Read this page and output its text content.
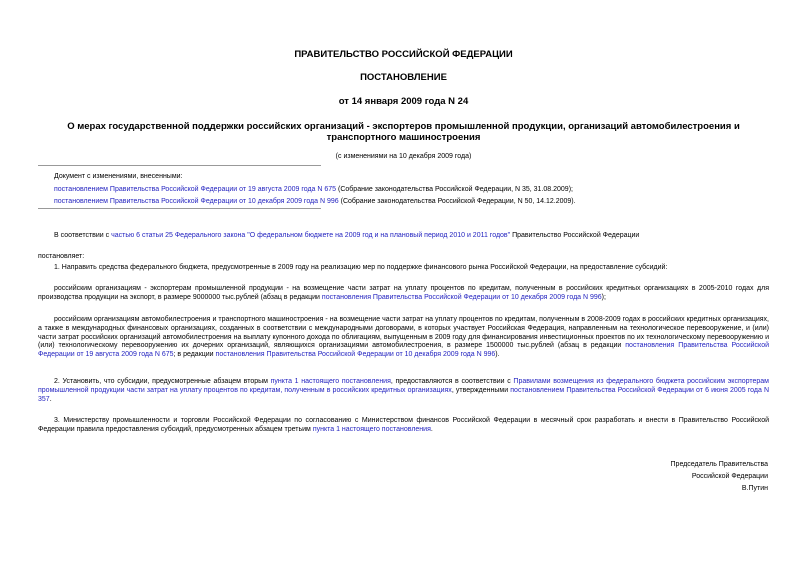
ПРАВИТЕЛЬСТВО РОССИЙСКОЙ ФЕДЕРАЦИИ
ПОСТАНОВЛЕНИЕ
от 14 января 2009 года N 24
О мерах государственной поддержки российских организаций - экспортеров промышленной продукции, организаций автомобилестроения и транспортного машиностроения
(с изменениями на 10 декабря 2009 года)
Документ с изменениями, внесенными:
постановлением Правительства Российской Федерации от 19 августа 2009 года N 675 (Собрание законодательства Российской Федерации, N 35, 31.08.2009);
постановлением Правительства Российской Федерации от 10 декабря 2009 года N 996 (Собрание законодательства Российской Федерации, N 50, 14.12.2009).
В соответствии с частью 6 статьи 25 Федерального закона "О федеральном бюджете на 2009 год и на плановый период 2010 и 2011 годов" Правительство Российской Федерации
постановляет:
1. Направить средства федерального бюджета, предусмотренные в 2009 году на реализацию мер по поддержке финансового рынка Российской Федерации, на предоставление субсидий:
российским организациям - экспортерам промышленной продукции - на возмещение части затрат на уплату процентов по кредитам, полученным в российских кредитных организациях в 2005-2010 годах для производства продукции на экспорт, в размере 9000000 тыс.рублей (абзац в редакции постановления Правительства Российской Федерации от 10 декабря 2009 года N 996);
российским организациям автомобилестроения и транспортного машиностроения - на возмещение части затрат на уплату процентов по кредитам, полученным в 2008-2009 годах в российских кредитных организациях, а также в международных финансовых организациях, созданных в соответствии с международными договорами, в которых участвует Российская Федерация, направленным на технологическое перевооружение, и (или) части затрат российских организаций автомобилестроения на выплату купонного дохода по облигациям, выпущенным в 2009 году для финансирования инвестиционных проектов по их технологическому перевооружению и (или) технологическому перевооружению их дочерних организаций, являющихся организациями автомобилестроения, в размере 1500000 тыс.рублей (абзац в редакции постановления Правительства Российской Федерации от 19 августа 2009 года N 675; в редакции постановления Правительства Российской Федерации от 10 декабря 2009 года N 996).
2. Установить, что субсидии, предусмотренные абзацем вторым пункта 1 настоящего постановления, предоставляются в соответствии с Правилами возмещения из федерального бюджета российским экспортерам промышленной продукции части затрат на уплату процентов по кредитам, полученным в российских кредитных организациях, утвержденными постановлением Правительства Российской Федерации от 6 июня 2005 года N 357.
3. Министерству промышленности и торговли Российской Федерации по согласованию с Министерством финансов Российской Федерации в месячный срок разработать и внести в Правительство Российской Федерации правила предоставления субсидий, предусмотренных абзацем третьим пункта 1 настоящего постановления.
Председатель Правительства
Российской Федерации
В.Путин
